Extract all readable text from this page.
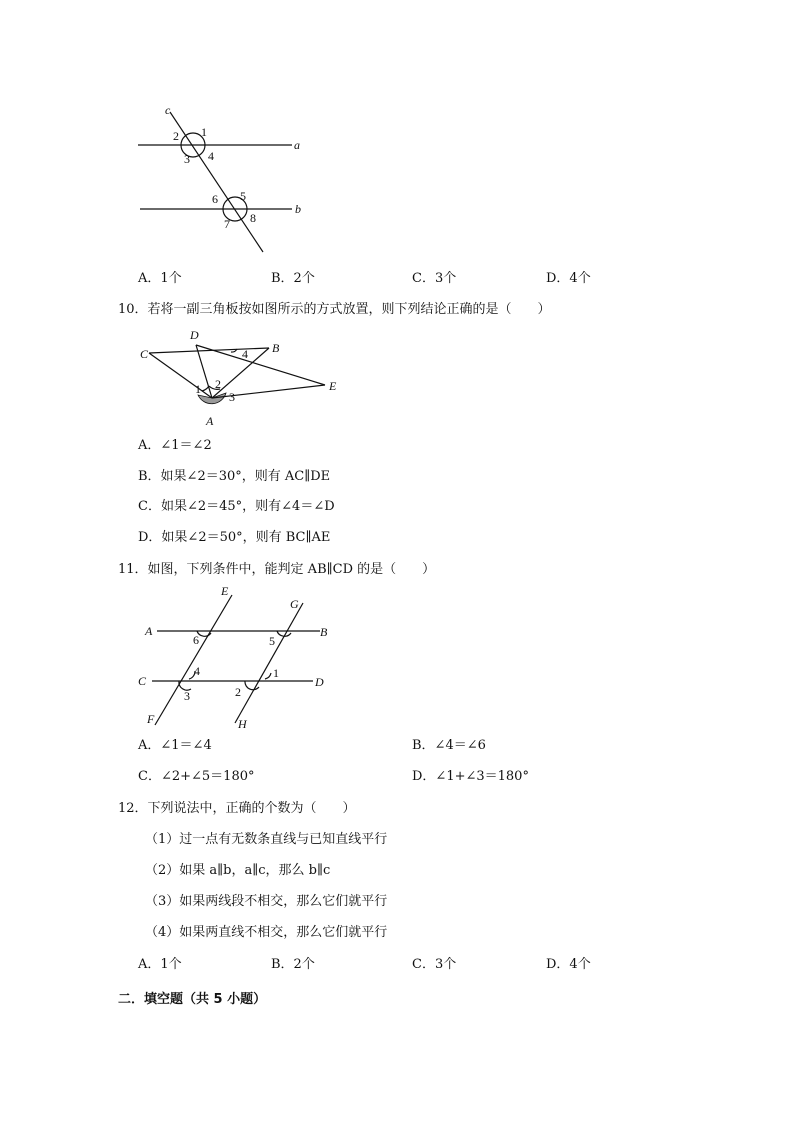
c
a
b
1
2
3 4
5
6
7 8
A．1个	B．2个	C．3个	D．4个
10．若将一副三角板按如图所示的方式放置，则下列结论正确的是（　　）
C
D
B
E
A
1 2
3
4
A．∠1＝∠2
B．如果∠2＝30°，则有 AC∥DE
C．如果∠2＝45°，则有∠4＝∠D
D．如果∠2＝50°，则有 BC∥AE
11．如图，下列条件中，能判定 AB∥CD 的是（　　）
A	B
C	D
E
F
G
H
6	5
4
3	2
1
A．∠1＝∠4	B．∠4＝∠6
C．∠2+∠5＝180°	D．∠1+∠3＝180°
12．下列说法中，正确的个数为（　　）
（1）过一点有无数条直线与已知直线平行
（2）如果 a∥b，a∥c，那么 b∥c
（3）如果两线段不相交，那么它们就平行
（4）如果两直线不相交，那么它们就平行
A．1个	B．2个	C．3个	D．4个
二．填空题（共 5 小题）
